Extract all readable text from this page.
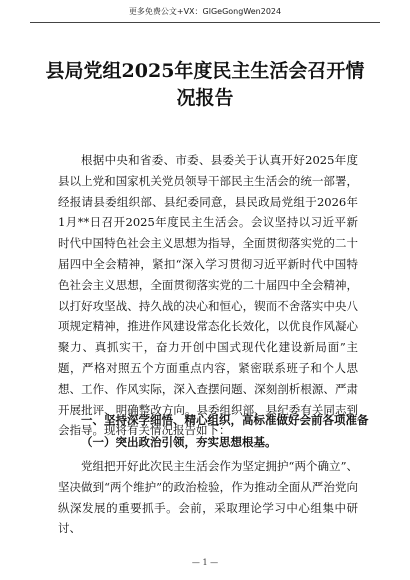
更多免费公文+VX：GlGeGongWen2024
县局党组2025年度民主生活会召开情况报告

根据中央和省委、市委、县委关于认真开好2025年度县以上党和国家机关党员领导干部民主生活会的统一部署，经报请县委组织部、县纪委同意，县民政局党组于2026年1月**日召开2025年度民主生活会。会议坚持以习近平新时代中国特色社会主义思想为指导，全面贯彻落实党的二十届四中全会精神，紧扣“深入学习贯彻习近平新时代中国特色社会主义思想，全面贯彻落实党的二十届四中全会精神，以打好攻坚战、持久战的决心和恒心，锲而不舍落实中央八项规定精神，推进作风建设常态化长效化，以优良作风凝心聚力、真抓实干，奋力开创中国式现代化建设新局面”主题，严格对照五个方面重点内容，紧密联系班子和个人思想、工作、作风实际，深入查摆问题、深刻剖析根源、严肃开展批评、明确整改方向。县委组织部、县纪委有关同志到会指导。现将有关情况报告如下：

一、坚持深学细悟、精心组织，高标准做好会前各项准备
（一）突出政治引领，夯实思想根基。

党组把开好此次民主生活会作为坚定拥护“两个确立”、坚决做到“两个维护”的政治检验，作为推动全面从严治党向纵深发展的重要抓手。会前，采取理论学习中心组集中研讨、

— 1 —
